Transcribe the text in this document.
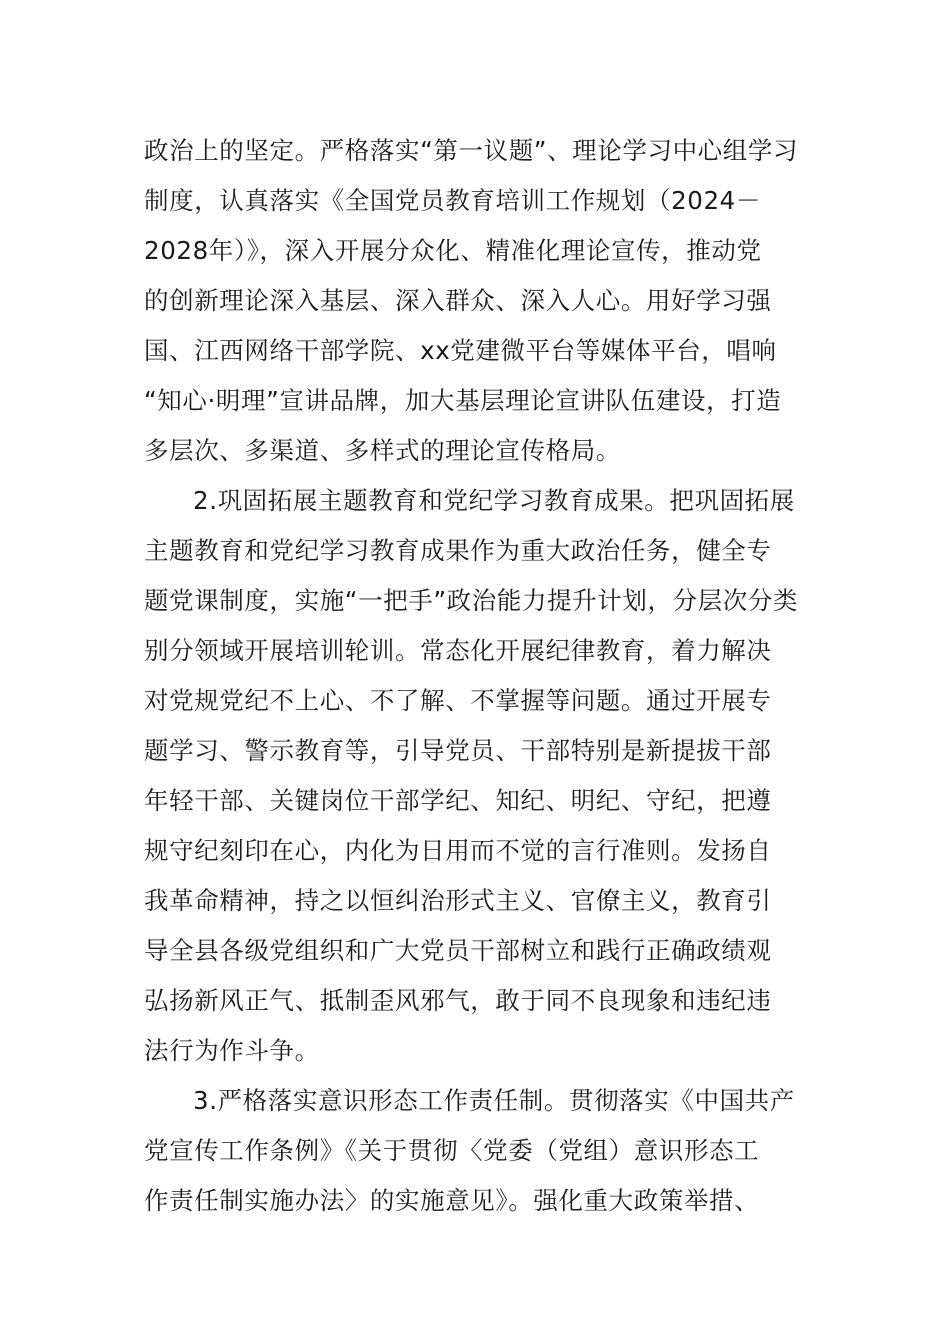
政治上的坚定。严格落实“第一议题”、理论学习中心组学习
制度，认真落实《全国党员教育培训工作规划（2024－
2028年）》，深入开展分众化、精准化理论宣传，推动党
的创新理论深入基层、深入群众、深入人心。用好学习强
国、江西网络干部学院、xx党建微平台等媒体平台，唱响
“知心·明理”宣讲品牌，加大基层理论宣讲队伍建设，打造
多层次、多渠道、多样式的理论宣传格局。
2.巩固拓展主题教育和党纪学习教育成果。把巩固拓展
主题教育和党纪学习教育成果作为重大政治任务，健全专
题党课制度，实施“一把手”政治能力提升计划，分层次分类
别分领域开展培训轮训。常态化开展纪律教育，着力解决
对党规党纪不上心、不了解、不掌握等问题。通过开展专
题学习、警示教育等，引导党员、干部特别是新提拔干部
年轻干部、关键岗位干部学纪、知纪、明纪、守纪，把遵
规守纪刻印在心，内化为日用而不觉的言行准则。发扬自
我革命精神，持之以恒纠治形式主义、官僚主义，教育引
导全县各级党组织和广大党员干部树立和践行正确政绩观
弘扬新风正气、抵制歪风邪气，敢于同不良现象和违纪违
法行为作斗争。
3.严格落实意识形态工作责任制。贯彻落实《中国共产
党宣传工作条例》《关于贯彻〈党委（党组）意识形态工
作责任制实施办法〉的实施意见》。强化重大政策举措、
